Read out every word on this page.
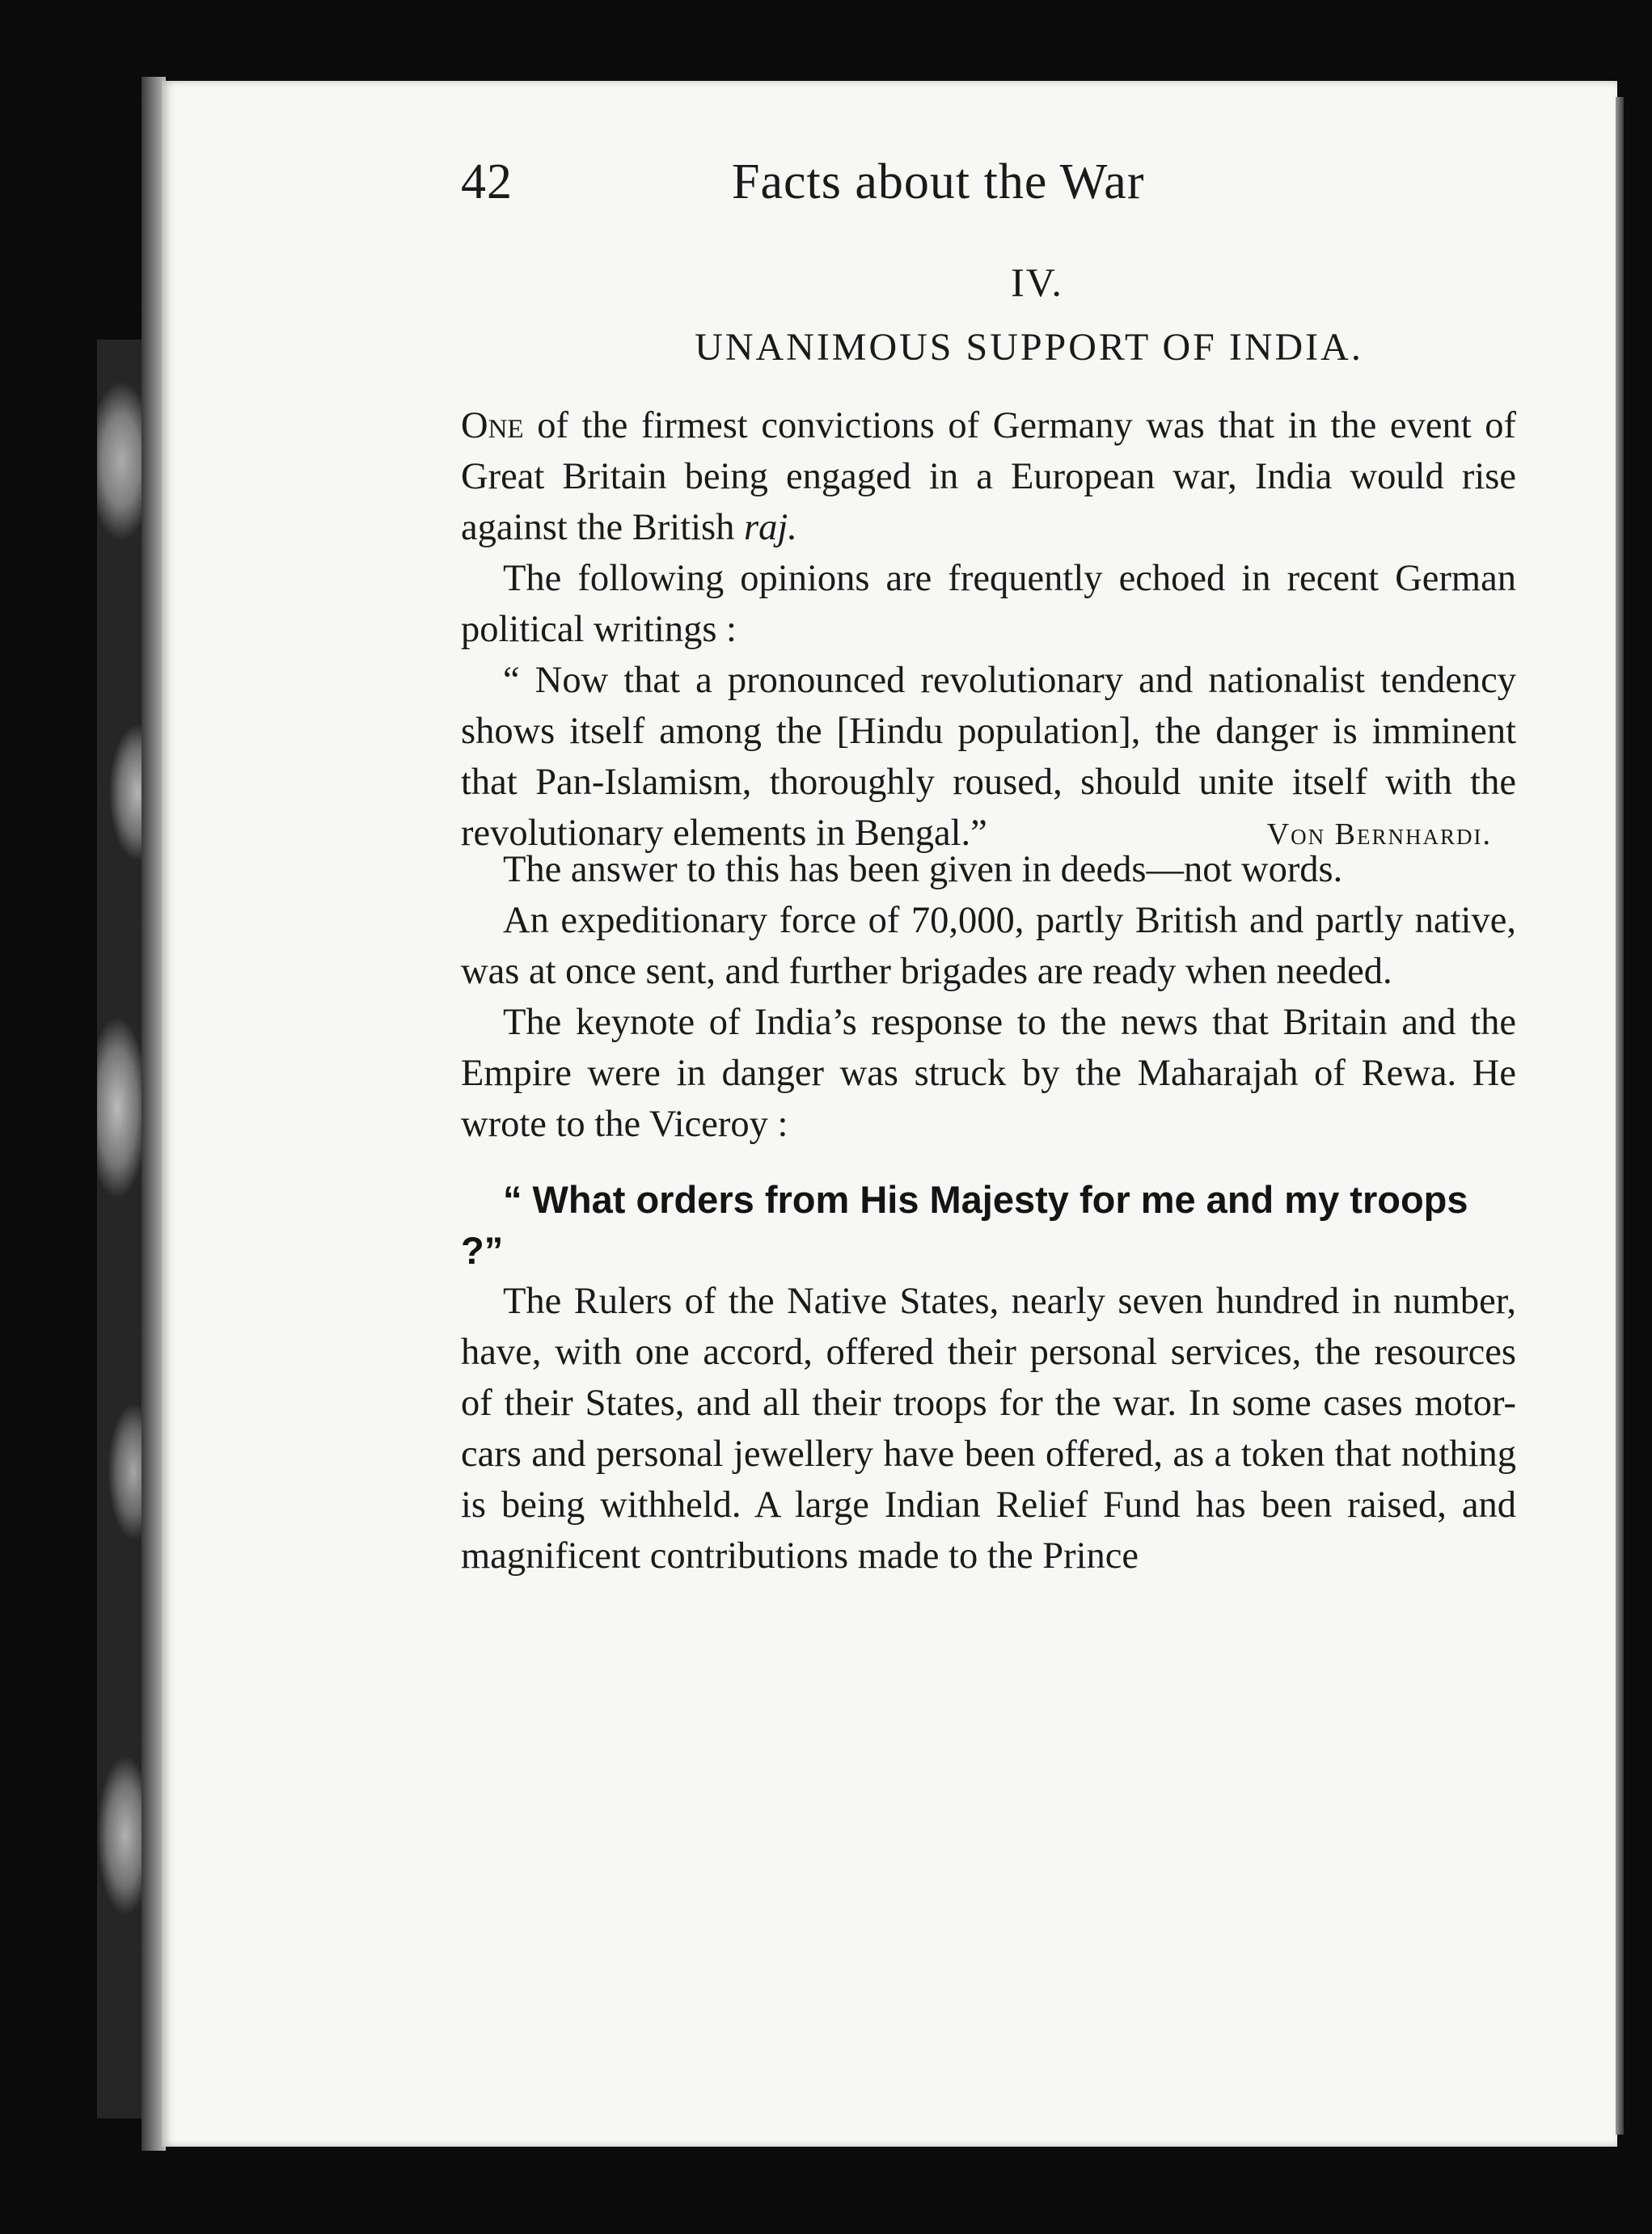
42	Facts about the War
IV.
UNANIMOUS SUPPORT OF INDIA.

One of the firmest convictions of Germany was that in the event of Great Britain being engaged in a European war, India would rise against the British raj.

The following opinions are frequently echoed in recent German political writings :

“ Now that a pronounced revolutionary and nationalist tendency shows itself among the [Hindu population], the danger is imminent that Pan-Islamism, thoroughly roused, should unite itself with the revolutionary elements in Bengal.”	Von Bernhardi.

The answer to this has been given in deeds—not words.

An expeditionary force of 70,000, partly British and partly native, was at once sent, and further brigades are ready when needed.

The keynote of India’s response to the news that Britain and the Empire were in danger was struck by the Maharajah of Rewa. He wrote to the Viceroy :

“ What orders from His Majesty for me and my troops ?”

The Rulers of the Native States, nearly seven hundred in number, have, with one accord, offered their personal services, the resources of their States, and all their troops for the war. In some cases motor-cars and personal jewellery have been offered, as a token that nothing is being withheld. A large Indian Relief Fund has been raised, and magnificent contributions made to the Prince
